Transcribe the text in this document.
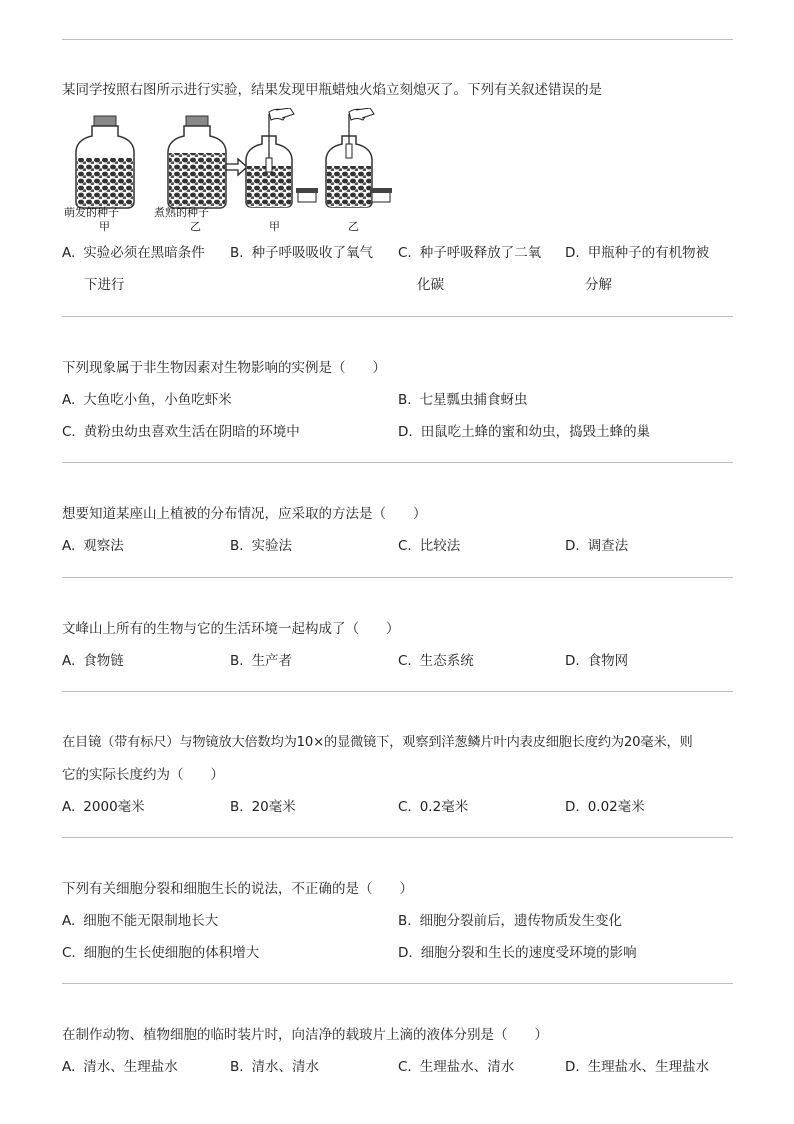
某同学按照右图所示进行实验，结果发现甲瓶蜡烛火焰立刻熄灭了。下列有关叙述错误的是
萌发的种子
甲
煮熟的种子
乙	甲	乙
A. 实验必须在黑暗条件
下进行
B. 种子呼吸吸收了氧气 C. 种子呼吸释放了二氧
化碳
D. 甲瓶种子的有机物被
分解
下列现象属于非生物因素对生物影响的实例是（　　）
A. 大鱼吃小鱼，小鱼吃虾米	B. 七星瓢虫捕食蚜虫
C. 黄粉虫幼虫喜欢生活在阴暗的环境中	D. 田鼠吃土蜂的蜜和幼虫，捣毁土蜂的巢
想要知道某座山上植被的分布情况，应采取的方法是（　　）
A. 观察法	B. 实验法	C. 比较法	D. 调查法
文峰山上所有的生物与它的生活环境一起构成了（　　）
A. 食物链	B. 生产者	C. 生态系统	D. 食物网
在目镜（带有标尺）与物镜放大倍数均为10×的显微镜下，观察到洋葱鳞片叶内表皮细胞长度约为20毫米，则
它的实际长度约为（　　）
A. 2000毫米	B. 20毫米	C. 0.2毫米	D. 0.02毫米
下列有关细胞分裂和细胞生长的说法，不正确的是（　　）
A. 细胞不能无限制地长大	B. 细胞分裂前后，遗传物质发生变化
C. 细胞的生长使细胞的体积增大	D. 细胞分裂和生长的速度受环境的影响
在制作动物、植物细胞的临时装片时，向洁净的载玻片上滴的液体分别是（　　）
A. 清水、生理盐水	B. 清水、清水	C. 生理盐水、清水	D. 生理盐水、生理盐水
